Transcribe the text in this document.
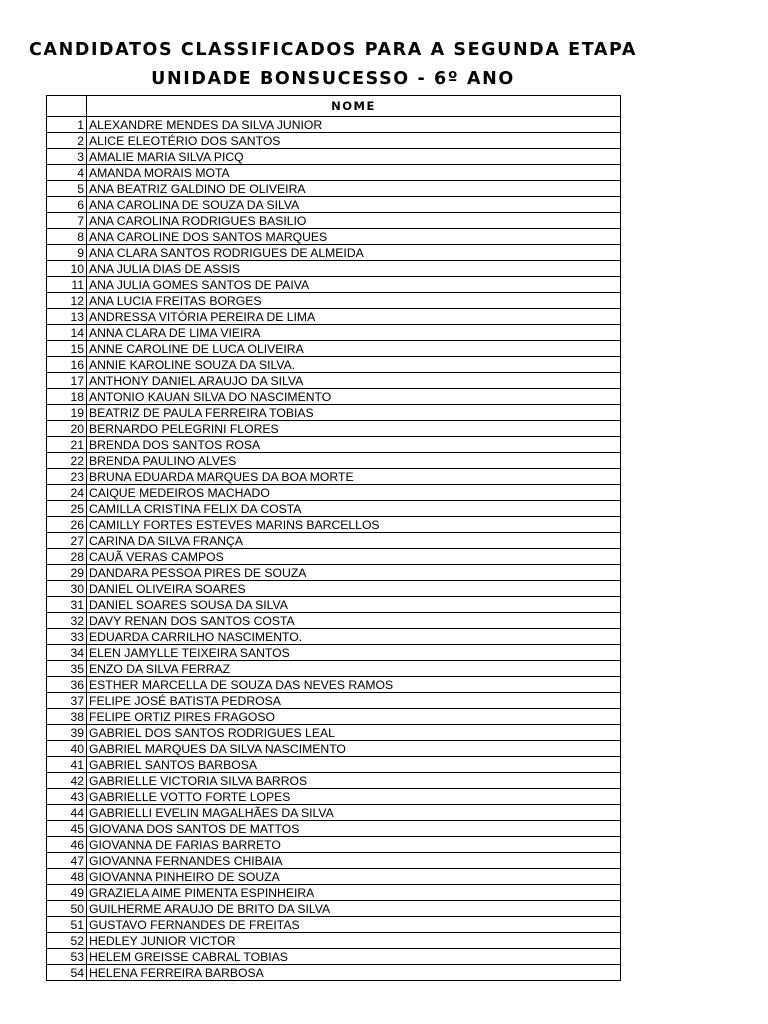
CANDIDATOS CLASSIFICADOS PARA A SEGUNDA ETAPA
UNIDADE BONSUCESSO - 6º ANO
	NOME
1	ALEXANDRE MENDES DA SILVA JUNIOR
2	ALICE ELEOTÉRIO DOS SANTOS
3	AMALIE MARIA SILVA PICQ
4	AMANDA MORAIS MOTA
5	ANA BEATRIZ GALDINO DE OLIVEIRA
6	ANA CAROLINA DE SOUZA DA SILVA
7	ANA CAROLINA RODRIGUES BASILIO
8	ANA CAROLINE DOS SANTOS MARQUES
9	ANA CLARA SANTOS RODRIGUES DE ALMEIDA
10	ANA JULIA DIAS DE ASSIS
11	ANA JULIA GOMES SANTOS DE PAIVA
12	ANA LUCIA FREITAS BORGES
13	ANDRESSA VITÓRIA PEREIRA DE LIMA
14	ANNA CLARA DE LIMA VIEIRA
15	ANNE CAROLINE DE LUCA OLIVEIRA
16	ANNIE KAROLINE SOUZA DA SILVA.
17	ANTHONY DANIEL ARAUJO DA SILVA
18	ANTONIO KAUAN SILVA DO NASCIMENTO
19	BEATRIZ DE PAULA FERREIRA TOBIAS
20	BERNARDO PELEGRINI FLORES
21	BRENDA DOS SANTOS ROSA
22	BRENDA PAULINO ALVES
23	BRUNA EDUARDA MARQUES DA BOA MORTE
24	CAIQUE MEDEIROS MACHADO
25	CAMILLA CRISTINA FELIX DA COSTA
26	CAMILLY FORTES ESTEVES MARINS BARCELLOS
27	CARINA DA SILVA FRANÇA
28	CAUÃ VERAS CAMPOS
29	DANDARA PESSOA PIRES DE SOUZA
30	DANIEL OLIVEIRA SOARES
31	DANIEL SOARES SOUSA DA SILVA
32	DAVY RENAN DOS SANTOS COSTA
33	EDUARDA CARRILHO NASCIMENTO.
34	ELEN JAMYLLE TEIXEIRA SANTOS
35	ENZO DA SILVA FERRAZ
36	ESTHER MARCELLA DE SOUZA DAS NEVES RAMOS
37	FELIPE JOSÉ BATISTA PEDROSA
38	FELIPE ORTIZ PIRES FRAGOSO
39	GABRIEL DOS SANTOS RODRIGUES LEAL
40	GABRIEL MARQUES DA SILVA NASCIMENTO
41	GABRIEL SANTOS BARBOSA
42	GABRIELLE VICTORIA SILVA BARROS
43	GABRIELLE VOTTO FORTE LOPES
44	GABRIELLI EVELIN MAGALHÃES DA SILVA
45	GIOVANA DOS SANTOS DE MATTOS
46	GIOVANNA DE FARIAS BARRETO
47	GIOVANNA FERNANDES CHIBAIA
48	GIOVANNA PINHEIRO DE SOUZA
49	GRAZIELA AIME PIMENTA ESPINHEIRA
50	GUILHERME ARAUJO DE BRITO DA SILVA
51	GUSTAVO FERNANDES DE FREITAS
52	HEDLEY JUNIOR VICTOR
53	HELEM GREISSE CABRAL TOBIAS
54	HELENA FERREIRA BARBOSA
